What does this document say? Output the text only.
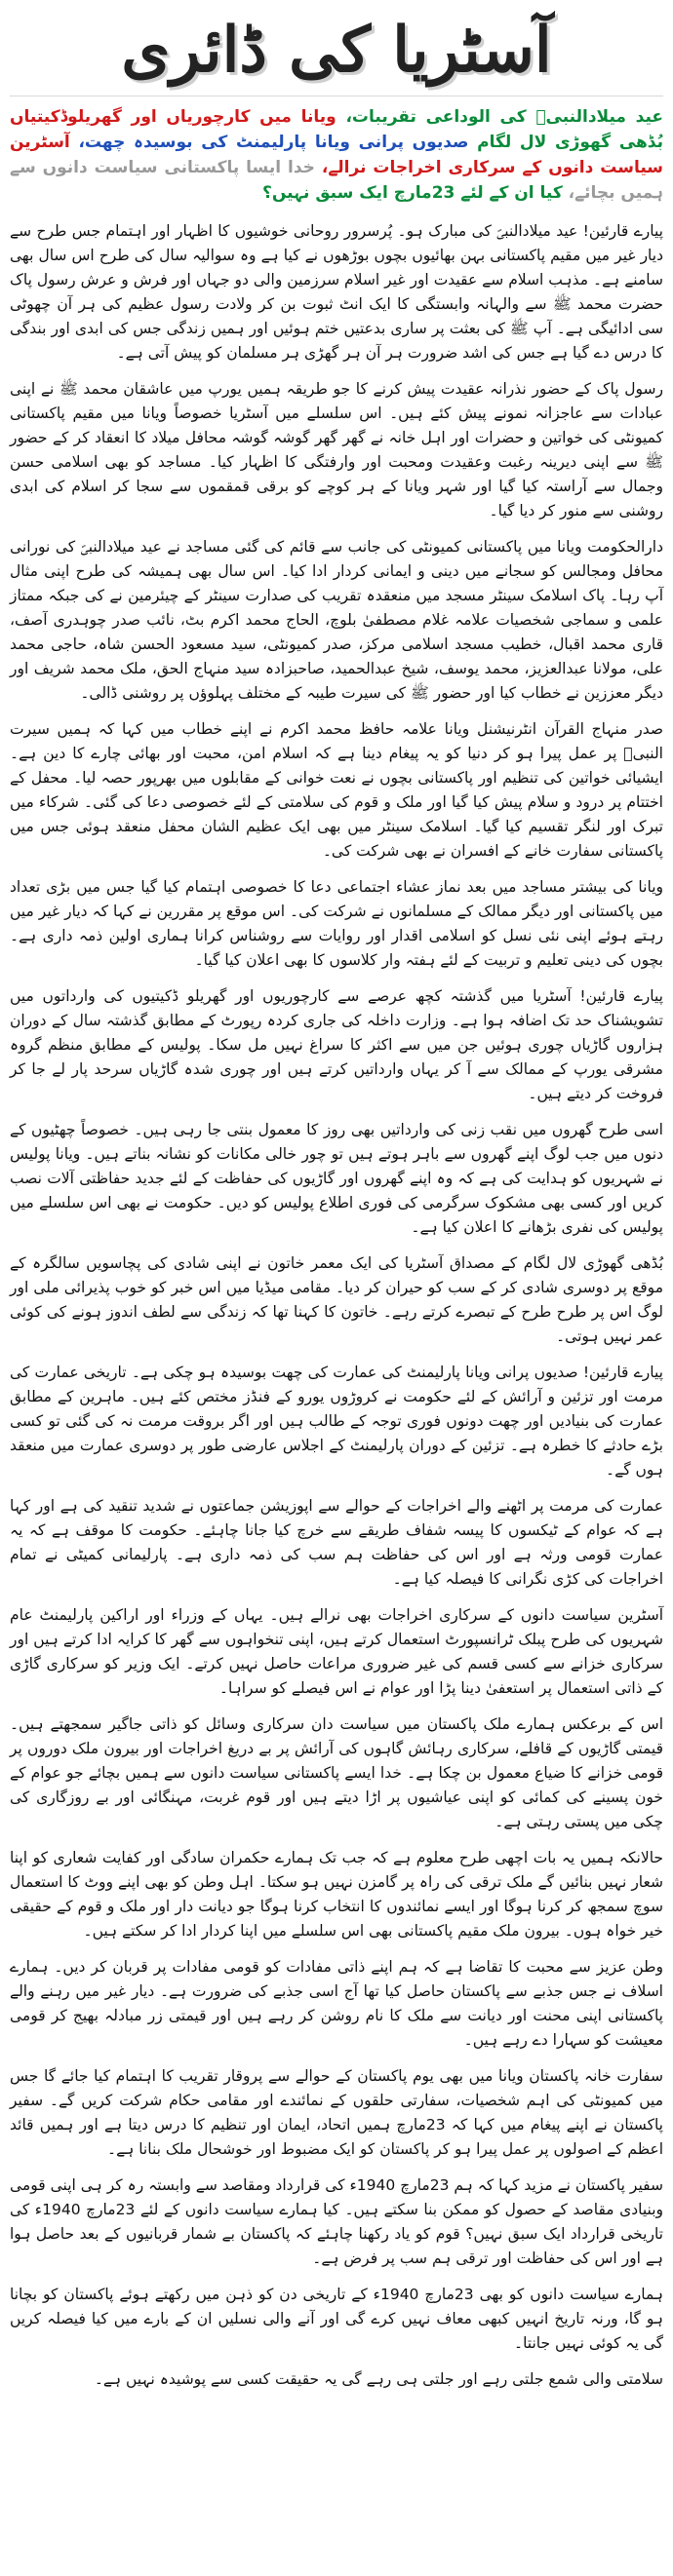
آسٹریا کی ڈائری
عید میلادالنبیؐ کی الوداعی تقریبات، ویانا میں کارچوریاں اور گھریلوڈکیتیاں بُڈھی گھوڑی لال لگام صدیوں پرانی ویانا پارلیمنٹ کی بوسیدہ چھت، آسٹرین سیاست دانوں کے سرکاری اخراجات نرالے، خدا ایسا پاکستانی سیاست دانوں سے ہمیں بچائے، کیا ان کے لئے 23مارچ ایک سبق نہیں؟

پیارے قارئین! عید میلادالنبیؐ کی مبارک ہو۔ پُرسرور روحانی خوشیوں کا اظہار اور اہتمام جس طرح سے دیار غیر میں مقیم پاکستانی بہن بھائیوں بچوں بوڑھوں نے کیا ہے وہ سوالیہ سال کی طرح اس سال بھی سامنے ہے۔ مذہب اسلام سے عقیدت اور غیر اسلام سرزمین والی دو جہاں اور فرش و عرش رسول پاک حضرت محمد ﷺ سے والہانہ وابستگی کا ایک انٹ ثبوت بن کر ولادت رسول عظیم کی ہر آن چھوٹی سی ادائیگی ہے۔ آپ ﷺ کی بعثت پر ساری بدعتیں ختم ہوئیں اور ہمیں زندگی جس کی ابدی اور بندگی کا درس دے گیا ہے جس کی اشد ضرورت ہر آن ہر گھڑی ہر مسلمان کو پیش آتی ہے۔

رسول پاک کے حضور نذرانہ عقیدت پیش کرنے کا جو طریقہ ہمیں یورپ میں عاشقان محمد ﷺ نے اپنی عبادات سے عاجزانہ نمونے پیش کئے ہیں۔ اس سلسلے میں آسٹریا خصوصاً ویانا میں مقیم پاکستانی کمیونٹی کی خواتین و حضرات اور اہل خانہ نے گھر گھر گوشہ گوشہ محافل میلاد کا انعقاد کر کے حضور ﷺ سے اپنی دیرینہ رغبت وعقیدت ومحبت اور وارفتگی کا اظہار کیا۔ مساجد کو بھی اسلامی حسن وجمال سے آراستہ کیا گیا اور شہر ویانا کے ہر کوچے کو برقی قمقموں سے سجا کر اسلام کی ابدی روشنی سے منور کر دیا گیا۔

دارالحکومت ویانا میں پاکستانی کمیونٹی کی جانب سے قائم کی گئی مساجد نے عید میلادالنبیؐ کی نورانی محافل ومجالس کو سجانے میں دینی و ایمانی کردار ادا کیا۔ اس سال بھی ہمیشہ کی طرح اپنی مثال آپ رہا۔ پاک اسلامک سینٹر مسجد میں منعقدہ تقریب کی صدارت سینٹر کے چیئرمین نے کی جبکہ ممتاز علمی و سماجی شخصیات علامہ غلام مصطفیٰ بلوچ، الحاج محمد اکرم بٹ، نائب صدر چوہدری آصف، قاری محمد اقبال، خطیب مسجد اسلامی مرکز، صدر کمیونٹی، سید مسعود الحسن شاہ، حاجی محمد علی، مولانا عبدالعزیز، محمد یوسف، شیخ عبدالحمید، صاحبزادہ سید منہاج الحق، ملک محمد شریف اور دیگر معززین نے خطاب کیا اور حضور ﷺ کی سیرت طیبہ کے مختلف پہلوؤں پر روشنی ڈالی۔

صدر منہاج القرآن انٹرنیشنل ویانا علامہ حافظ محمد اکرم نے اپنے خطاب میں کہا کہ ہمیں سیرت النبیؐ پر عمل پیرا ہو کر دنیا کو یہ پیغام دینا ہے کہ اسلام امن، محبت اور بھائی چارے کا دین ہے۔ ایشیائی خواتین کی تنظیم اور پاکستانی بچوں نے نعت خوانی کے مقابلوں میں بھرپور حصہ لیا۔ محفل کے اختتام پر درود و سلام پیش کیا گیا اور ملک و قوم کی سلامتی کے لئے خصوصی دعا کی گئی۔ شرکاء میں تبرک اور لنگر تقسیم کیا گیا۔ اسلامک سینٹر میں بھی ایک عظیم الشان محفل منعقد ہوئی جس میں پاکستانی سفارت خانے کے افسران نے بھی شرکت کی۔

ویانا کی بیشتر مساجد میں بعد نماز عشاء اجتماعی دعا کا خصوصی اہتمام کیا گیا جس میں بڑی تعداد میں پاکستانی اور دیگر ممالک کے مسلمانوں نے شرکت کی۔ اس موقع پر مقررین نے کہا کہ دیار غیر میں رہتے ہوئے اپنی نئی نسل کو اسلامی اقدار اور روایات سے روشناس کرانا ہماری اولین ذمہ داری ہے۔ بچوں کی دینی تعلیم و تربیت کے لئے ہفتہ وار کلاسوں کا بھی اعلان کیا گیا۔

پیارے قارئین! آسٹریا میں گذشتہ کچھ عرصے سے کارچوریوں اور گھریلو ڈکیتیوں کی وارداتوں میں تشویشناک حد تک اضافہ ہوا ہے۔ وزارت داخلہ کی جاری کردہ رپورٹ کے مطابق گذشتہ سال کے دوران ہزاروں گاڑیاں چوری ہوئیں جن میں سے اکثر کا سراغ نہیں مل سکا۔ پولیس کے مطابق منظم گروہ مشرقی یورپ کے ممالک سے آ کر یہاں وارداتیں کرتے ہیں اور چوری شدہ گاڑیاں سرحد پار لے جا کر فروخت کر دیتے ہیں۔

اسی طرح گھروں میں نقب زنی کی وارداتیں بھی روز کا معمول بنتی جا رہی ہیں۔ خصوصاً چھٹیوں کے دنوں میں جب لوگ اپنے گھروں سے باہر ہوتے ہیں تو چور خالی مکانات کو نشانہ بناتے ہیں۔ ویانا پولیس نے شہریوں کو ہدایت کی ہے کہ وہ اپنے گھروں اور گاڑیوں کی حفاظت کے لئے جدید حفاظتی آلات نصب کریں اور کسی بھی مشکوک سرگرمی کی فوری اطلاع پولیس کو دیں۔ حکومت نے بھی اس سلسلے میں پولیس کی نفری بڑھانے کا اعلان کیا ہے۔

بُڈھی گھوڑی لال لگام کے مصداق آسٹریا کی ایک معمر خاتون نے اپنی شادی کی پچاسویں سالگرہ کے موقع پر دوسری شادی کر کے سب کو حیران کر دیا۔ مقامی میڈیا میں اس خبر کو خوب پذیرائی ملی اور لوگ اس پر طرح طرح کے تبصرے کرتے رہے۔ خاتون کا کہنا تھا کہ زندگی سے لطف اندوز ہونے کی کوئی عمر نہیں ہوتی۔

پیارے قارئین! صدیوں پرانی ویانا پارلیمنٹ کی عمارت کی چھت بوسیدہ ہو چکی ہے۔ تاریخی عمارت کی مرمت اور تزئین و آرائش کے لئے حکومت نے کروڑوں یورو کے فنڈز مختص کئے ہیں۔ ماہرین کے مطابق عمارت کی بنیادیں اور چھت دونوں فوری توجہ کے طالب ہیں اور اگر بروقت مرمت نہ کی گئی تو کسی بڑے حادثے کا خطرہ ہے۔ تزئین کے دوران پارلیمنٹ کے اجلاس عارضی طور پر دوسری عمارت میں منعقد ہوں گے۔

عمارت کی مرمت پر اٹھنے والے اخراجات کے حوالے سے اپوزیشن جماعتوں نے شدید تنقید کی ہے اور کہا ہے کہ عوام کے ٹیکسوں کا پیسہ شفاف طریقے سے خرچ کیا جانا چاہئے۔ حکومت کا موقف ہے کہ یہ عمارت قومی ورثہ ہے اور اس کی حفاظت ہم سب کی ذمہ داری ہے۔ پارلیمانی کمیٹی نے تمام اخراجات کی کڑی نگرانی کا فیصلہ کیا ہے۔

آسٹرین سیاست دانوں کے سرکاری اخراجات بھی نرالے ہیں۔ یہاں کے وزراء اور اراکین پارلیمنٹ عام شہریوں کی طرح پبلک ٹرانسپورٹ استعمال کرتے ہیں، اپنی تنخواہوں سے گھر کا کرایہ ادا کرتے ہیں اور سرکاری خزانے سے کسی قسم کی غیر ضروری مراعات حاصل نہیں کرتے۔ ایک وزیر کو سرکاری گاڑی کے ذاتی استعمال پر استعفیٰ دینا پڑا اور عوام نے اس فیصلے کو سراہا۔

اس کے برعکس ہمارے ملک پاکستان میں سیاست دان سرکاری وسائل کو ذاتی جاگیر سمجھتے ہیں۔ قیمتی گاڑیوں کے قافلے، سرکاری رہائش گاہوں کی آرائش پر بے دریغ اخراجات اور بیرون ملک دوروں پر قومی خزانے کا ضیاع معمول بن چکا ہے۔ خدا ایسے پاکستانی سیاست دانوں سے ہمیں بچائے جو عوام کے خون پسینے کی کمائی کو اپنی عیاشیوں پر اڑا دیتے ہیں اور قوم غربت، مہنگائی اور بے روزگاری کی چکی میں پستی رہتی ہے۔

حالانکہ ہمیں یہ بات اچھی طرح معلوم ہے کہ جب تک ہمارے حکمران سادگی اور کفایت شعاری کو اپنا شعار نہیں بنائیں گے ملک ترقی کی راہ پر گامزن نہیں ہو سکتا۔ اہل وطن کو بھی اپنے ووٹ کا استعمال سوچ سمجھ کر کرنا ہوگا اور ایسے نمائندوں کا انتخاب کرنا ہوگا جو دیانت دار اور ملک و قوم کے حقیقی خیر خواہ ہوں۔ بیرون ملک مقیم پاکستانی بھی اس سلسلے میں اپنا کردار ادا کر سکتے ہیں۔

وطن عزیز سے محبت کا تقاضا ہے کہ ہم اپنے ذاتی مفادات کو قومی مفادات پر قربان کر دیں۔ ہمارے اسلاف نے جس جذبے سے پاکستان حاصل کیا تھا آج اسی جذبے کی ضرورت ہے۔ دیار غیر میں رہنے والے پاکستانی اپنی محنت اور دیانت سے ملک کا نام روشن کر رہے ہیں اور قیمتی زر مبادلہ بھیج کر قومی معیشت کو سہارا دے رہے ہیں۔

سفارت خانہ پاکستان ویانا میں بھی یوم پاکستان کے حوالے سے پروقار تقریب کا اہتمام کیا جائے گا جس میں کمیونٹی کی اہم شخصیات، سفارتی حلقوں کے نمائندے اور مقامی حکام شرکت کریں گے۔ سفیر پاکستان نے اپنے پیغام میں کہا کہ 23مارچ ہمیں اتحاد، ایمان اور تنظیم کا درس دیتا ہے اور ہمیں قائد اعظم کے اصولوں پر عمل پیرا ہو کر پاکستان کو ایک مضبوط اور خوشحال ملک بنانا ہے۔

سفیر پاکستان نے مزید کہا کہ ہم 23مارچ 1940ء کی قرارداد ومقاصد سے وابستہ رہ کر ہی اپنی قومی وبنیادی مقاصد کے حصول کو ممکن بنا سکتے ہیں۔ کیا ہمارے سیاست دانوں کے لئے 23مارچ 1940ء کی تاریخی قرارداد ایک سبق نہیں؟ قوم کو یاد رکھنا چاہئے کہ پاکستان بے شمار قربانیوں کے بعد حاصل ہوا ہے اور اس کی حفاظت اور ترقی ہم سب پر فرض ہے۔

ہمارے سیاست دانوں کو بھی 23مارچ 1940ء کے تاریخی دن کو ذہن میں رکھتے ہوئے پاکستان کو بچانا ہو گا، ورنہ تاریخ انہیں کبھی معاف نہیں کرے گی اور آنے والی نسلیں ان کے بارے میں کیا فیصلہ کریں گی یہ کوئی نہیں جانتا۔

سلامتی والی شمع جلتی رہے اور جلتی ہی رہے گی یہ حقیقت کسی سے پوشیدہ نہیں ہے۔
